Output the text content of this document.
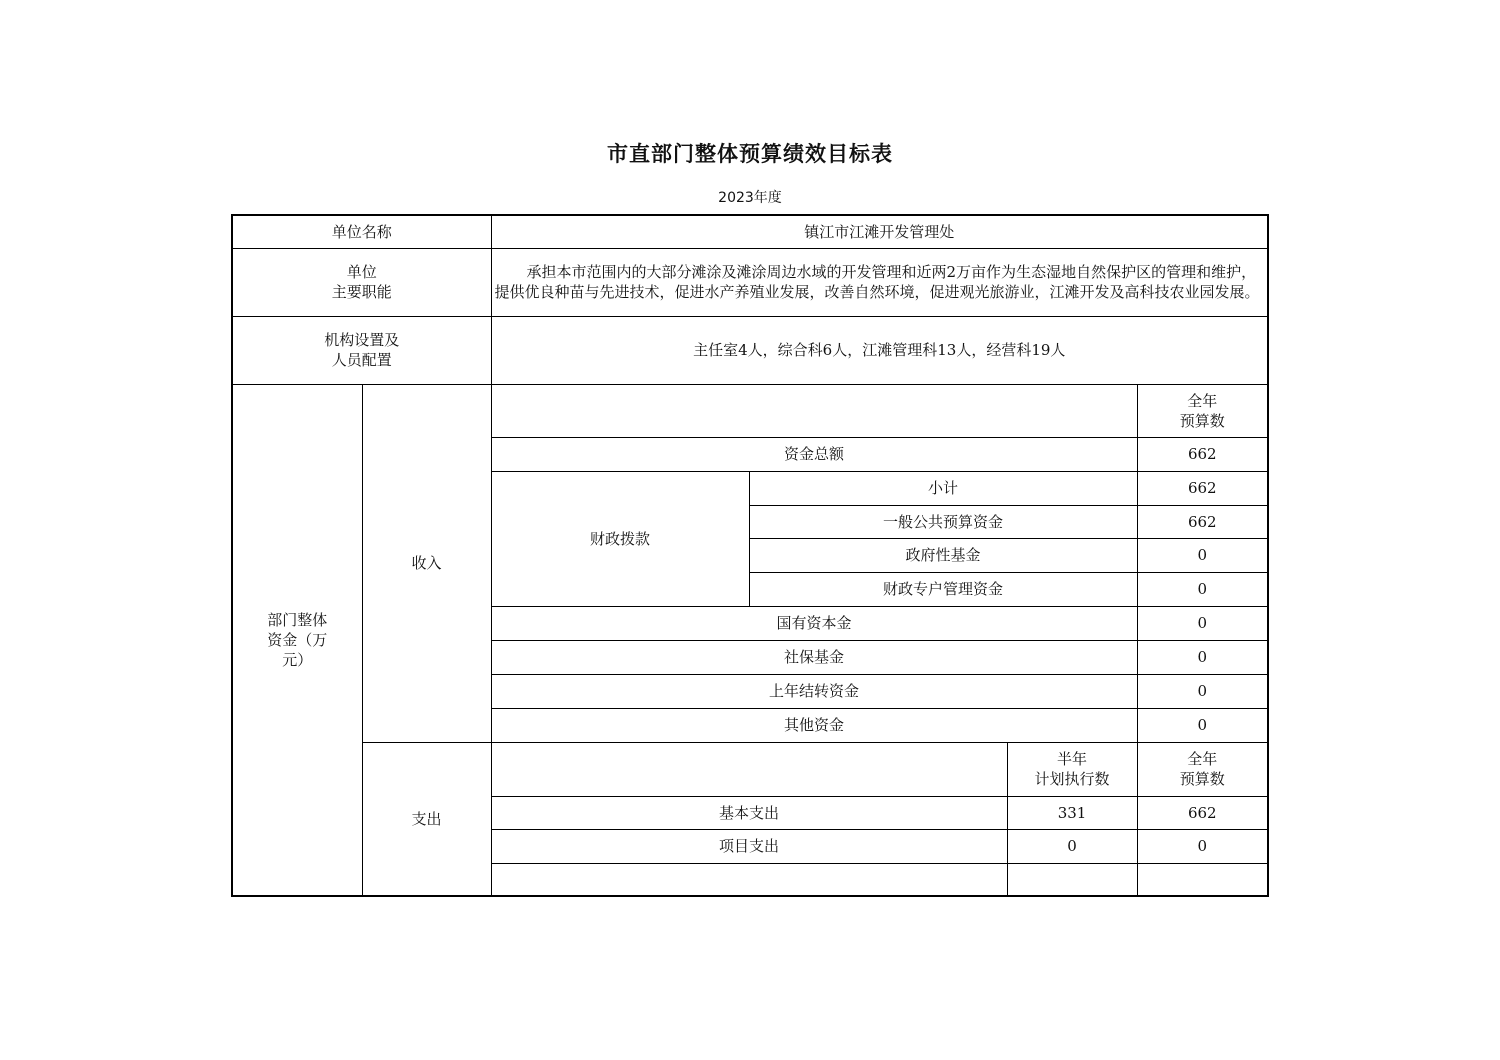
市直部门整体预算绩效目标表
2023年度
单位名称		镇江市江滩开发管理处			
单位
主要职能		承担本市范围内的大部分滩涂及滩涂周边水域的开发管理和近两2万亩作为生态湿地自然保护区的管理和维护，提供优良种苗与先进技术，促进水产养殖业发展，改善自然环境，促进观光旅游业，江滩开发及高科技农业园发展。			
机构设置及
人员配置		主任室4人，综合科6人，江滩管理科13人，经营科19人			
部门整体
资金（万
元）	收入				全年
预算数
		资金总额			662
		财政拨款	小计		662
			一般公共预算资金		662
			政府性基金		0
			财政专户管理资金		0
		国有资本金			0
		社保基金			0
		上年结转资金			0
		其他资金			0
	支出			半年
计划执行数	全年
预算数
		基本支出		331	662
		项目支出		0	0
